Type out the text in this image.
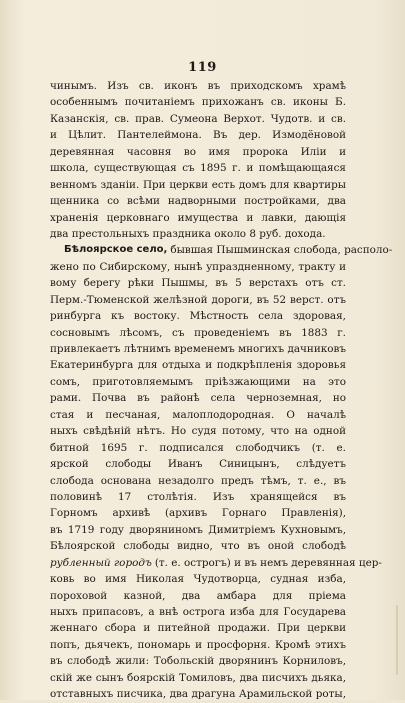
119
чинымъ. Изъ св. иконъ въ приходскомъ храмѣ
особеннымъ почитанiемъ прихожанъ св. иконы Б.
Казанскія, св. прав. Сумеона Верхот. Чудотв. и св.
и Цѣлит. Пантелеймона. Въ дер. Измодёновой
деревянная часовня во имя пророка Иліи и
школа, существующая съ 1895 г. и помѣщающаяся
венномъ зданіи. При церкви есть домъ для квартиры
щенника со всѣми надворными постройками, два
храненія церковнаго имущества и лавки, дающія
два престольныхъ праздника около 8 руб. дохода.
Бѣлоярское село, бывшая Пышминская слобода, располо-
жено по Сибирскому, нынѣ упраздненному, тракту и
вому берегу рѣки Пышмы, въ 5 верстахъ отъ ст.
Перм.-Тюменской желѣзной дороги, въ 52 верст. отъ
ринбурга къ востоку. Мѣстность села здоровая,
сосновымъ лѣсомъ, съ проведеніемъ въ 1883 г.
привлекаетъ лѣтнимъ временемъ многихъ дачниковъ
Екатеринбурга для отдыха и подкрѣпленія здоровья
сомъ, приготовляемымъ пріѣзжающими на это
рами. Почва въ районѣ села черноземная, но
стая и песчаная, малоплодородная. О началѣ
ныхъ свѣдѣній нѣтъ. Но судя потому, что на одной
битной 1695 г. подписался слободчикъ (т. е.
ярской слободы Иванъ Синицынъ, слѣдуетъ
слобода основана незадолго предъ тѣмъ, т. е., въ
половинѣ 17 столѣтія. Изъ хранящейся въ
Горномъ архивѣ (архивъ Горнаго Правленія),
въ 1719 году дворяниномъ Димитріемъ Кухновымъ,
Бѣлоярской слободы видно, что въ оной слободѣ
рубленный городъ (т. е. острогъ) и въ немъ деревянная цер-
ковь во имя Николая Чудотворца, судная изба,
пороховой казной, два амбара для пріема
ныхъ припасовъ, а внѣ острога изба для Государева
женнаго сбора и питейной продажи. При церкви
попъ, дьячекъ, пономарь и просфорня. Кромѣ этихъ
въ слободѣ жили: Тобольскій дворянинъ Корниловъ,
скій же сынъ боярскій Томиловъ, два писчихъ дьяка,
отставныхъ писчика, два драгуна Арамильской роты,
